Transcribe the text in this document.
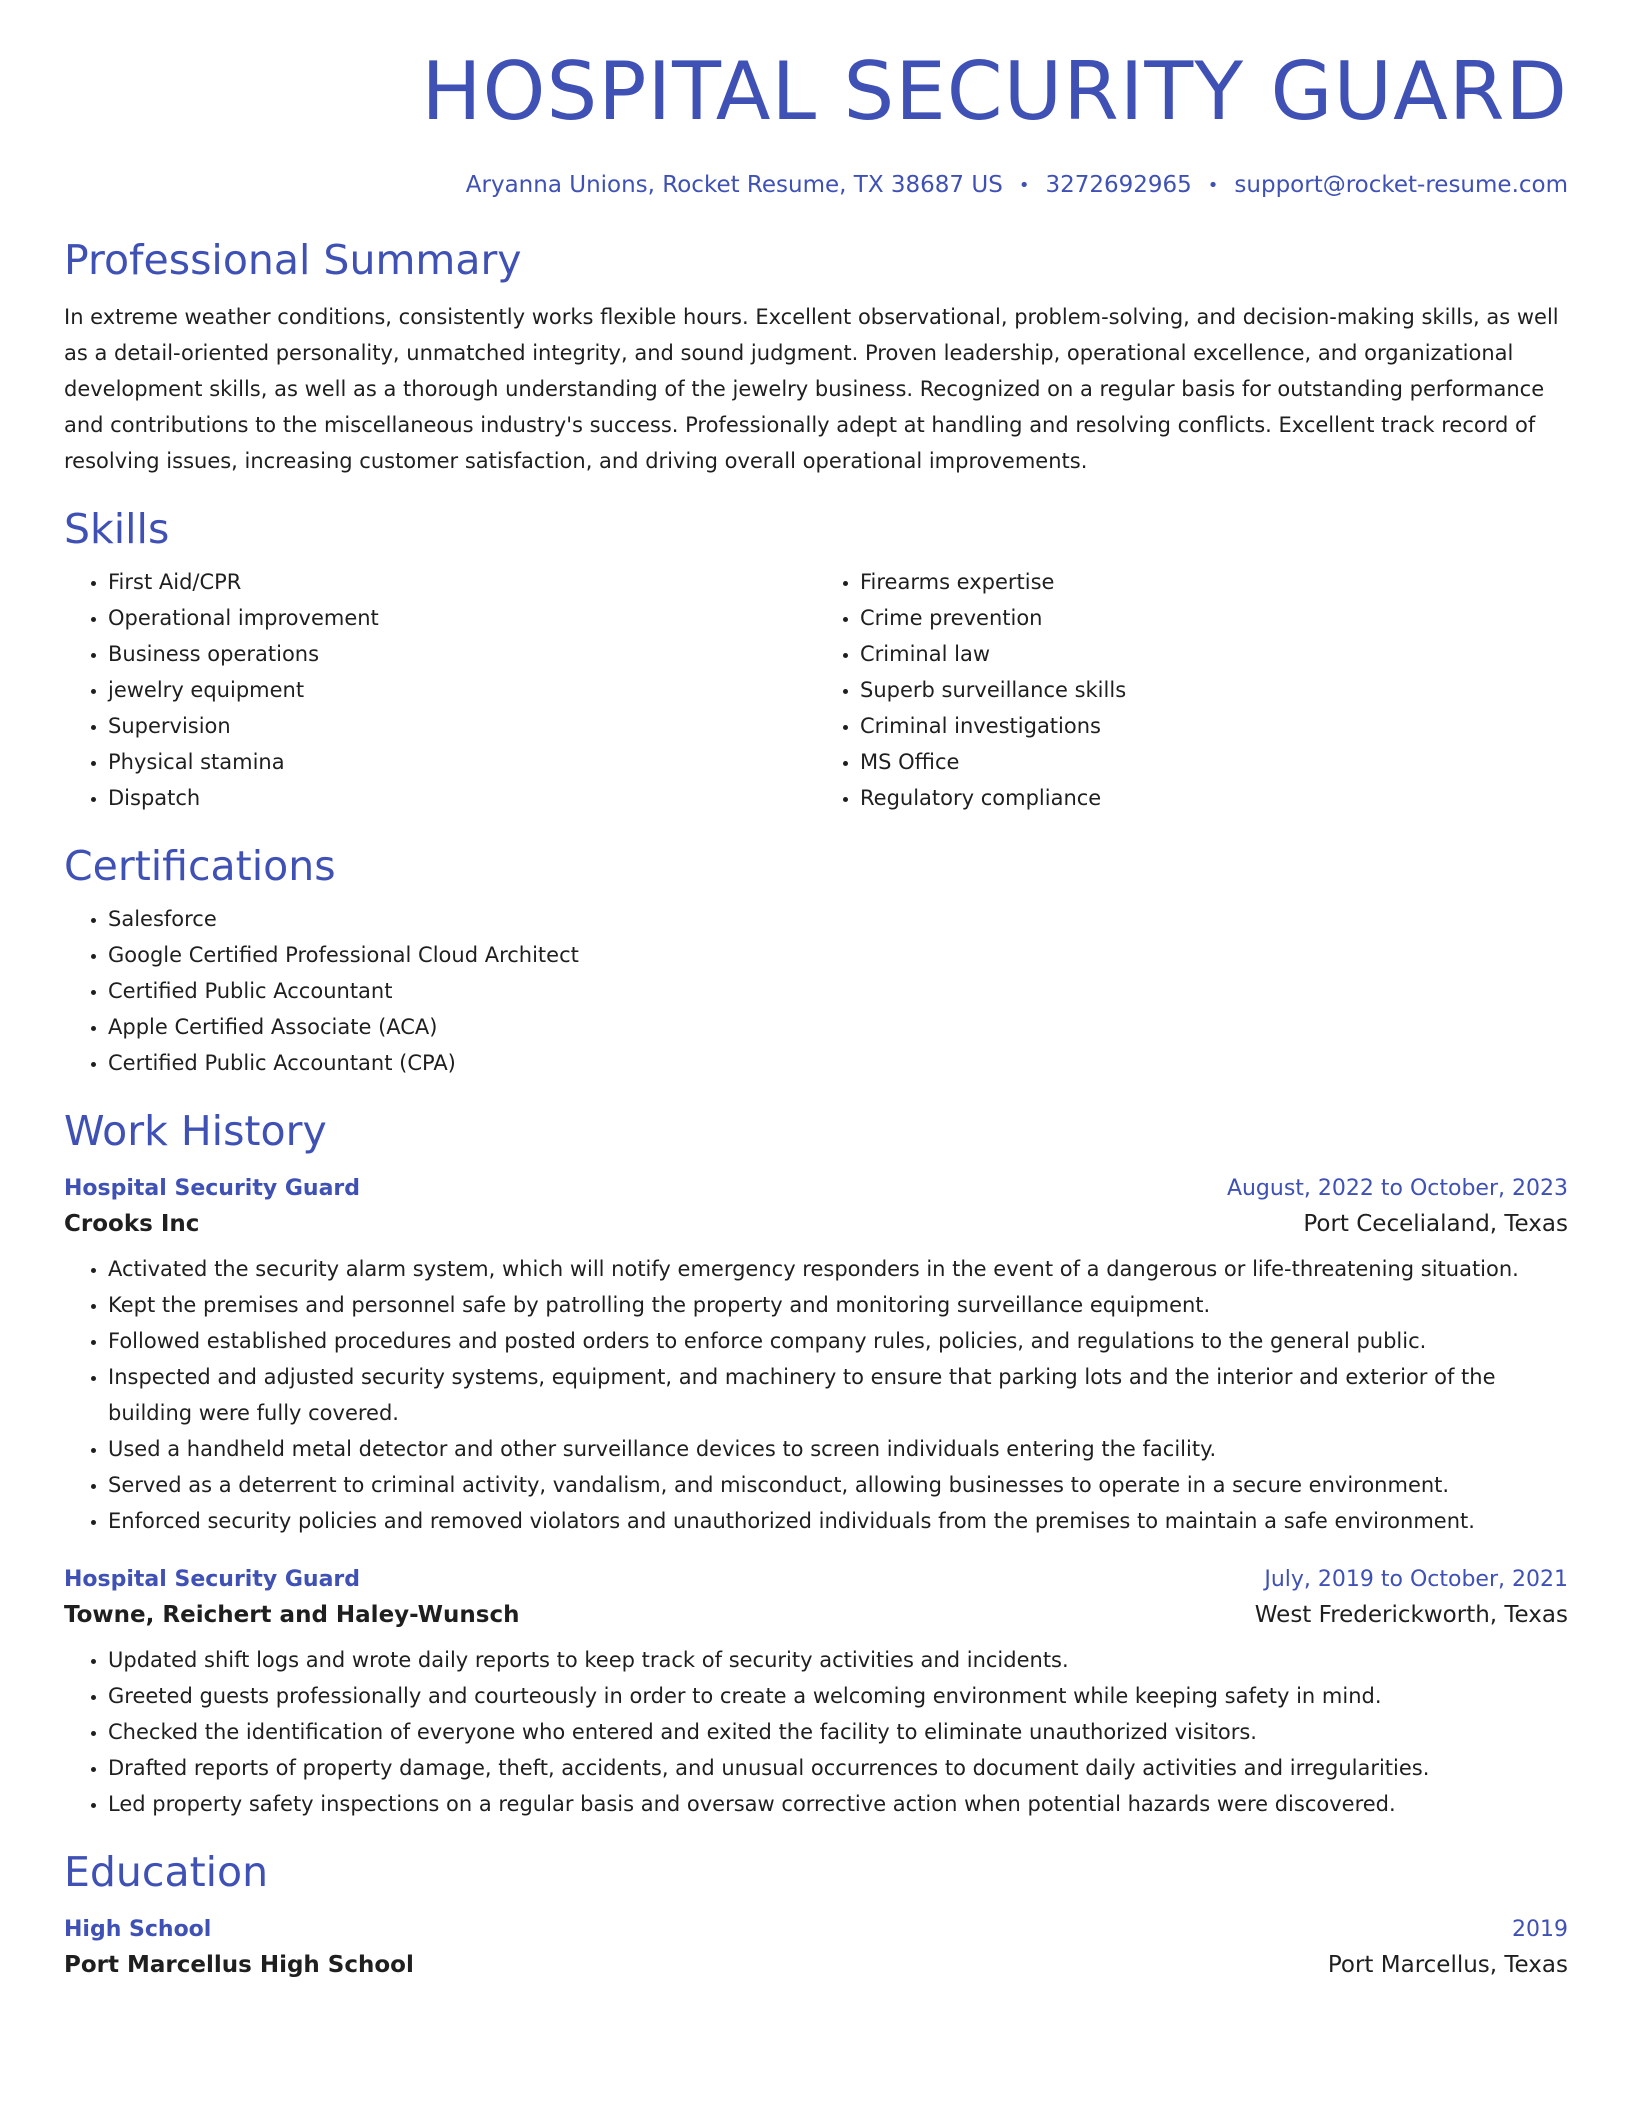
HOSPITAL SECURITY GUARD
Aryanna Unions, Rocket Resume, TX 38687 US • 3272692965 • support@rocket-resume.com
Professional Summary

In extreme weather conditions, consistently works flexible hours. Excellent observational, problem-solving, and decision-making skills, as well as a detail-oriented personality, unmatched integrity, and sound judgment. Proven leadership, operational excellence, and organizational development skills, as well as a thorough understanding of the jewelry business. Recognized on a regular basis for outstanding performance and contributions to the miscellaneous industry's success. Professionally adept at handling and resolving conflicts. Excellent track record of resolving issues, increasing customer satisfaction, and driving overall operational improvements.

Skills
• First Aid/CPR
• Operational improvement
• Business operations
• jewelry equipment
• Supervision
• Physical stamina
• Dispatch
• Firearms expertise
• Crime prevention
• Criminal law
• Superb surveillance skills
• Criminal investigations
• MS Office
• Regulatory compliance
Certifications
• Salesforce
• Google Certified Professional Cloud Architect
• Certified Public Accountant
• Apple Certified Associate (ACA)
• Certified Public Accountant (CPA)
Work History
Hospital Security Guard	August, 2022 to October, 2023
Crooks Inc	Port Cecelialand, Texas
• Activated the security alarm system, which will notify emergency responders in the event of a dangerous or life-threatening situation.
• Kept the premises and personnel safe by patrolling the property and monitoring surveillance equipment.
• Followed established procedures and posted orders to enforce company rules, policies, and regulations to the general public.
• Inspected and adjusted security systems, equipment, and machinery to ensure that parking lots and the interior and exterior of the building were fully covered.
• Used a handheld metal detector and other surveillance devices to screen individuals entering the facility.
• Served as a deterrent to criminal activity, vandalism, and misconduct, allowing businesses to operate in a secure environment.
• Enforced security policies and removed violators and unauthorized individuals from the premises to maintain a safe environment.
Hospital Security Guard	July, 2019 to October, 2021
Towne, Reichert and Haley-Wunsch	West Frederickworth, Texas
• Updated shift logs and wrote daily reports to keep track of security activities and incidents.
• Greeted guests professionally and courteously in order to create a welcoming environment while keeping safety in mind.
• Checked the identification of everyone who entered and exited the facility to eliminate unauthorized visitors.
• Drafted reports of property damage, theft, accidents, and unusual occurrences to document daily activities and irregularities.
• Led property safety inspections on a regular basis and oversaw corrective action when potential hazards were discovered.
Education
High School	2019
Port Marcellus High School	Port Marcellus, Texas
